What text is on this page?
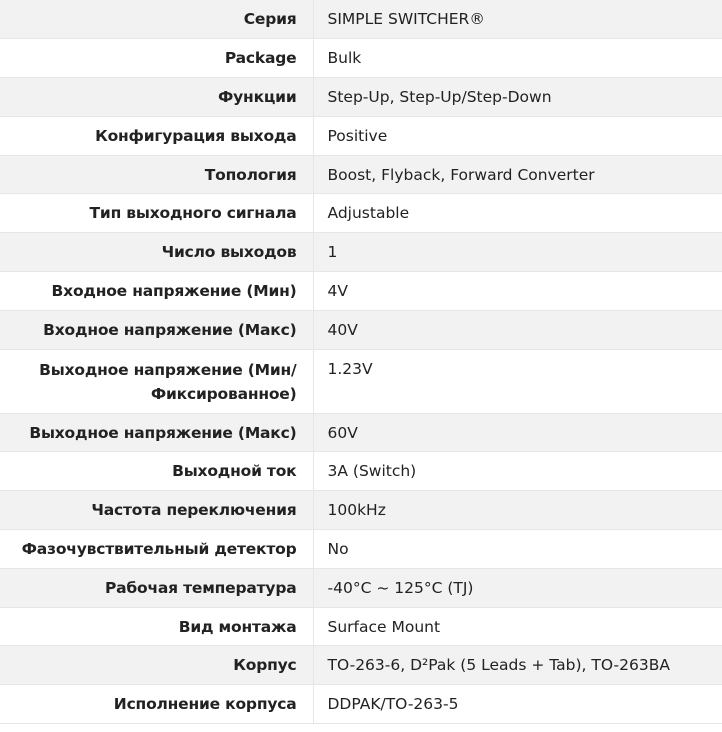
Серия	SIMPLE SWITCHER®
Package	Bulk
Функции	Step-Up, Step-Up/Step-Down
Конфигурация выхода	Positive
Топология	Boost, Flyback, Forward Converter
Тип выходного сигнала	Adjustable
Число выходов	1
Входное напряжение (Мин)	4V
Входное напряжение (Макс)	40V
Выходное напряжение (Мин/ Фиксированное)	1.23V
Выходное напряжение (Макс)	60V
Выходной ток	3A (Switch)
Частота переключения	100kHz
Фазочувствительный детектор	No
Рабочая температура	-40°C ~ 125°C (TJ)
Вид монтажа	Surface Mount
Корпус	TO-263-6, D²Pak (5 Leads + Tab), TO-263BA
Исполнение корпуса	DDPAK/TO-263-5
